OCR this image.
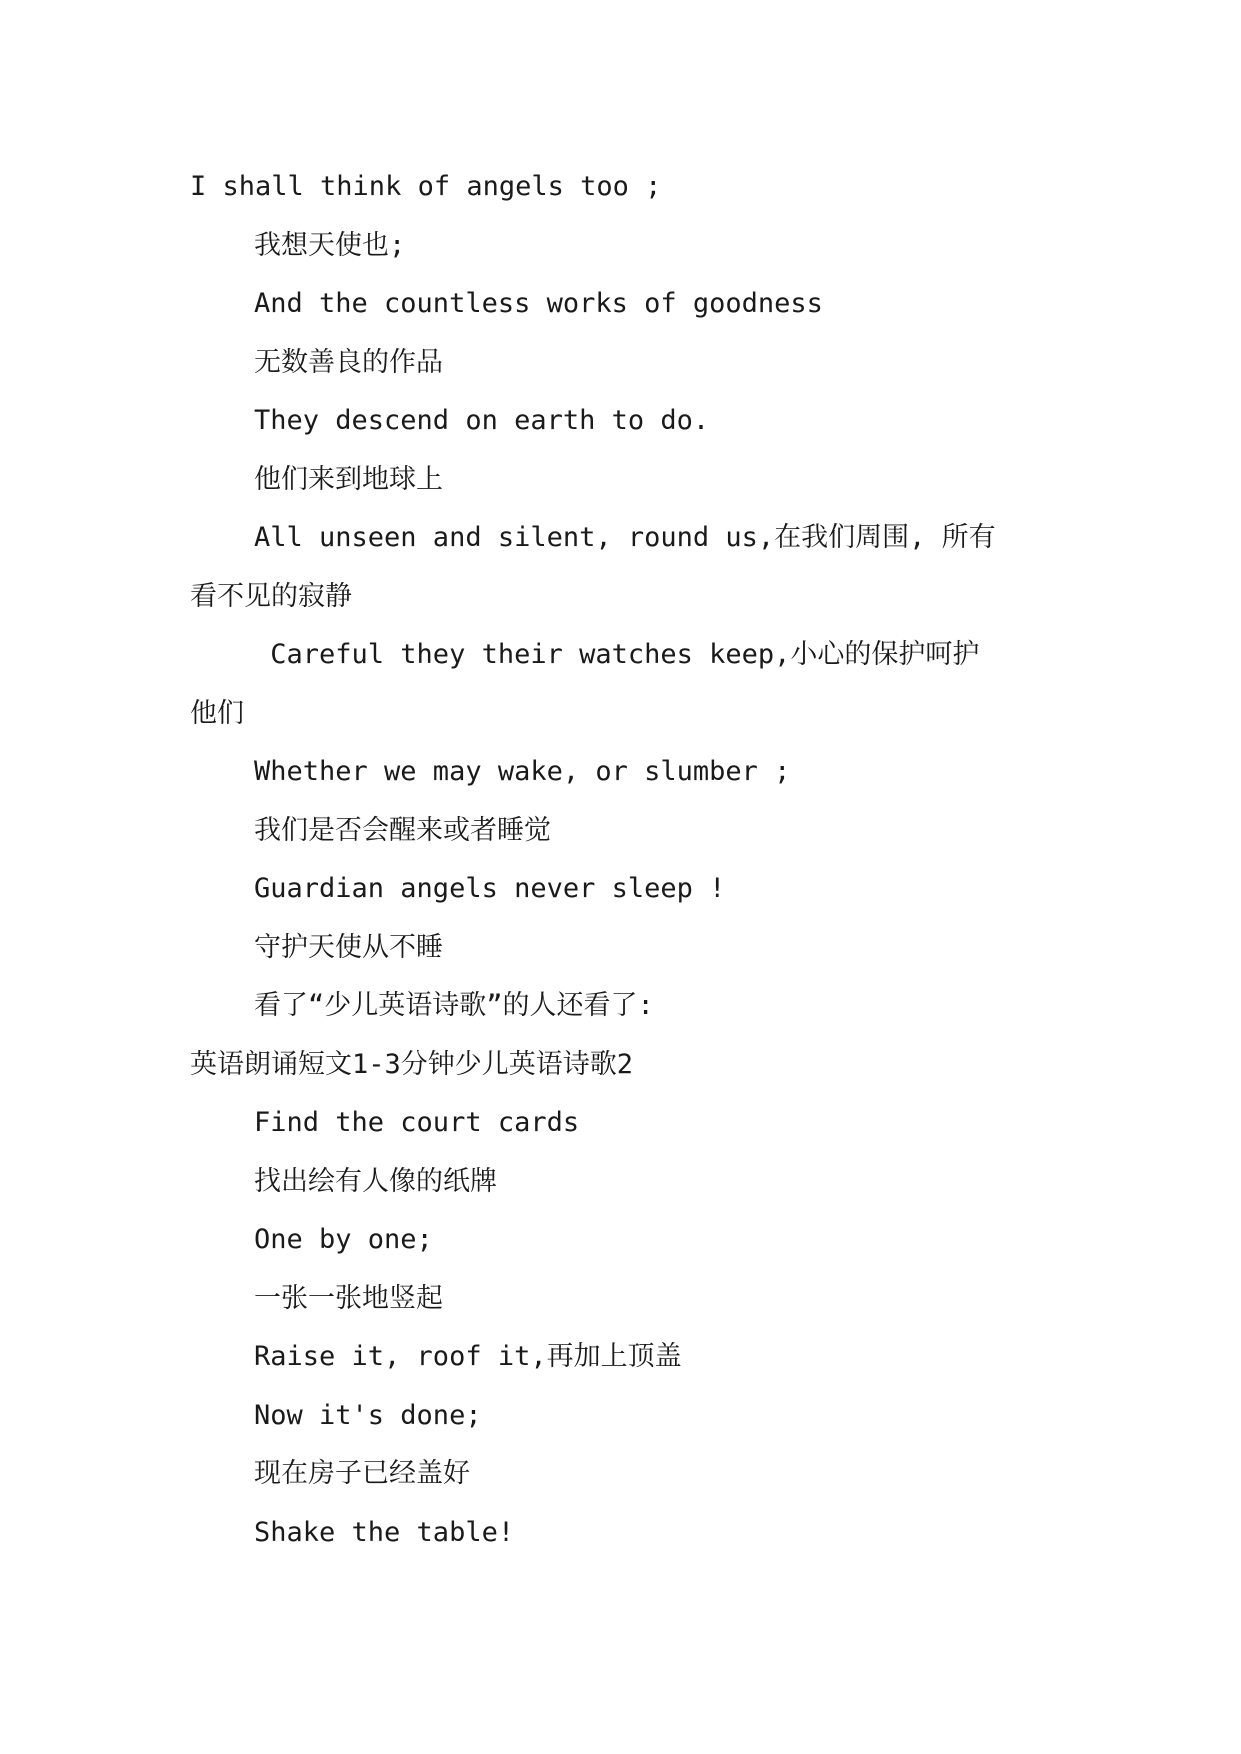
I shall think of angels too ;
我想天使也;
And the countless works of goodness
无数善良的作品
They descend on earth to do.
他们来到地球上
All unseen and silent, round us,在我们周围, 所有
看不见的寂静
Careful they their watches keep,小心的保护呵护
他们
Whether we may wake, or slumber ;
我们是否会醒来或者睡觉
Guardian angels never sleep !
守护天使从不睡
看了“少儿英语诗歌”的人还看了:
英语朗诵短文1-3分钟少儿英语诗歌2
Find the court cards
找出绘有人像的纸牌
One by one;
一张一张地竖起
Raise it, roof it,再加上顶盖
Now it's done;
现在房子已经盖好
Shake the table!
